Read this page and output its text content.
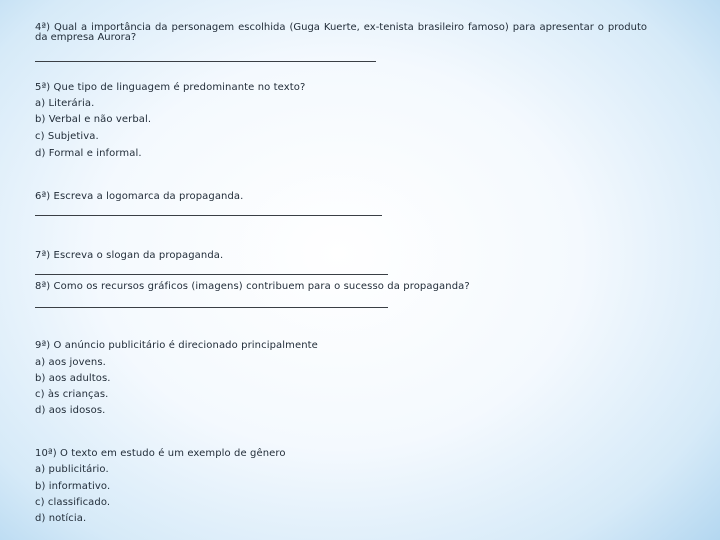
4ª) Qual a importância da personagem escolhida (Guga Kuerte, ex-tenista brasileiro famoso) para apresentar o produto da empresa Aurora?
5ª) Que tipo de linguagem é predominante no texto?
a) Literária.
b) Verbal e não verbal.
c) Subjetiva.
d) Formal e informal.
6ª) Escreva a logomarca da propaganda.
7ª) Escreva o slogan da propaganda.
8ª) Como os recursos gráficos (imagens) contribuem para o sucesso da propaganda?
9ª) O anúncio publicitário é direcionado principalmente
a) aos jovens.
b) aos adultos.
c) às crianças.
d) aos idosos.
10ª) O texto em estudo é um exemplo de gênero
a) publicitário.
b) informativo.
c) classificado.
d) notícia.
